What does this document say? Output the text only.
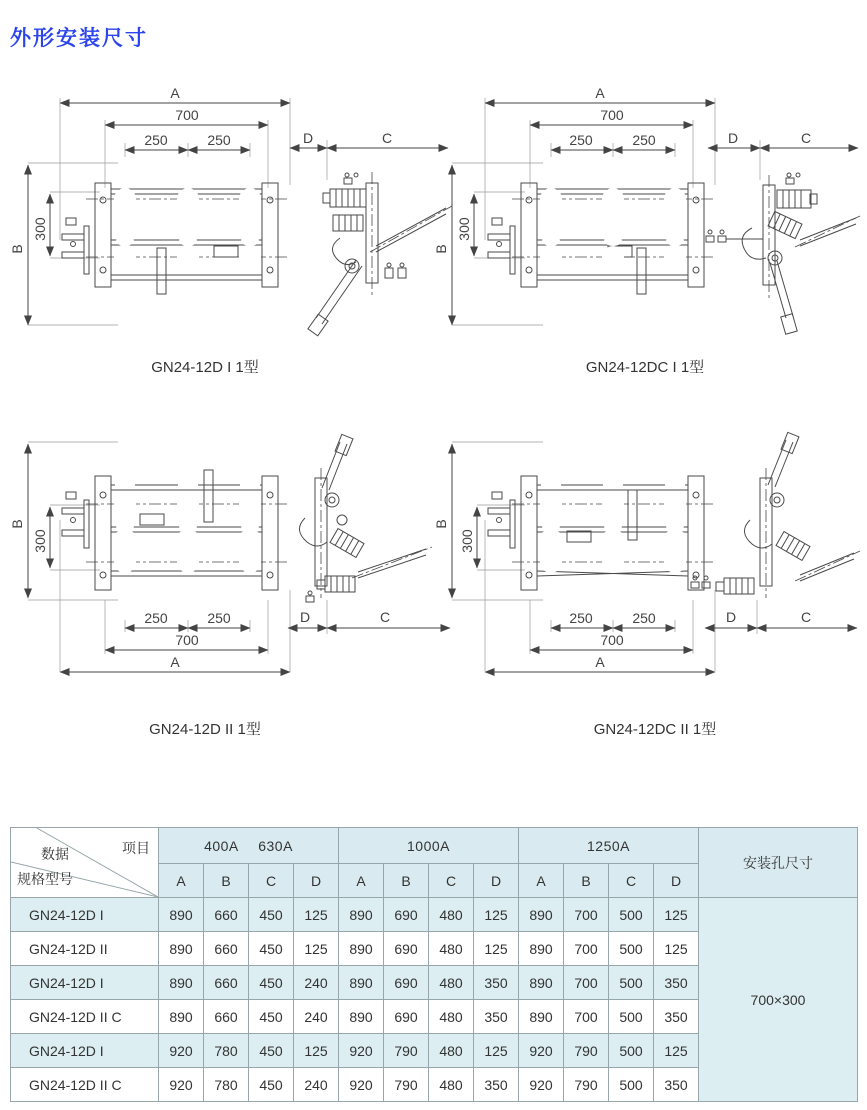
外形安装尺寸
A
700
250	250
B
300
D	C
A
700
250	250
B
300
D	C
B
300
250	250
700
A
D	C
B
300
250	250
700
A
D	C
GN24-12D I 1型	GN24-12DC I 1型
GN24-12D II 1型	GN24-12DC II 1型
数据 项目
规格型号	400A 630A				1000A				1250A				安装孔尺寸
	A	B	C	D	A	B	C	D	A	B	C	D	
GN24-12D I	890	660	450	125	890	690	480	125	890	700	500	125	700×300
GN24-12D II	890	660	450	125	890	690	480	125	890	700	500	125	
GN24-12D I	890	660	450	240	890	690	480	350	890	700	500	350	
GN24-12D II C	890	660	450	240	890	690	480	350	890	700	500	350	
GN24-12D I	920	780	450	125	920	790	480	125	920	790	500	125	
GN24-12D II C	920	780	450	240	920	790	480	350	920	790	500	350	
